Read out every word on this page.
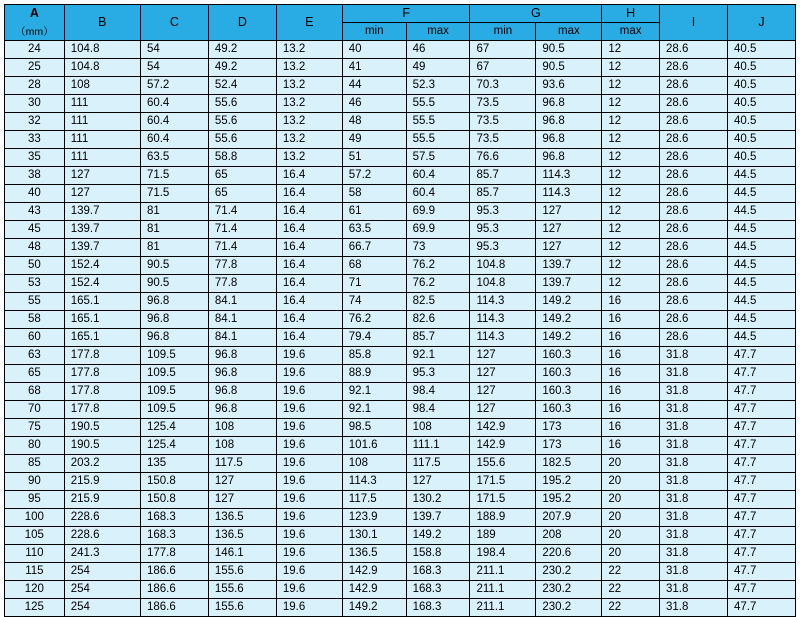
A
（mm）	B	C	D	E	F		G		H	I	J
					min	max	min	max	max		
24	104.8	54	49.2	13.2	40	46	67	90.5	12	28.6	40.5
25	104.8	54	49.2	13.2	41	49	67	90.5	12	28.6	40.5
28	108	57.2	52.4	13.2	44	52.3	70.3	93.6	12	28.6	40.5
30	111	60.4	55.6	13.2	46	55.5	73.5	96.8	12	28.6	40.5
32	111	60.4	55.6	13.2	48	55.5	73.5	96.8	12	28.6	40.5
33	111	60.4	55.6	13.2	49	55.5	73.5	96.8	12	28.6	40.5
35	111	63.5	58.8	13.2	51	57.5	76.6	96.8	12	28.6	40.5
38	127	71.5	65	16.4	57.2	60.4	85.7	114.3	12	28.6	44.5
40	127	71.5	65	16.4	58	60.4	85.7	114.3	12	28.6	44.5
43	139.7	81	71.4	16.4	61	69.9	95.3	127	12	28.6	44.5
45	139.7	81	71.4	16.4	63.5	69.9	95.3	127	12	28.6	44.5
48	139.7	81	71.4	16.4	66.7	73	95.3	127	12	28.6	44.5
50	152.4	90.5	77.8	16.4	68	76.2	104.8	139.7	12	28.6	44.5
53	152.4	90.5	77.8	16.4	71	76.2	104.8	139.7	12	28.6	44.5
55	165.1	96.8	84.1	16.4	74	82.5	114.3	149.2	16	28.6	44.5
58	165.1	96.8	84.1	16.4	76.2	82.6	114.3	149.2	16	28.6	44.5
60	165.1	96.8	84.1	16.4	79.4	85.7	114.3	149.2	16	28.6	44.5
63	177.8	109.5	96.8	19.6	85.8	92.1	127	160.3	16	31.8	47.7
65	177.8	109.5	96.8	19.6	88.9	95.3	127	160.3	16	31.8	47.7
68	177.8	109.5	96.8	19.6	92.1	98.4	127	160.3	16	31.8	47.7
70	177.8	109.5	96.8	19.6	92.1	98.4	127	160.3	16	31.8	47.7
75	190.5	125.4	108	19.6	98.5	108	142.9	173	16	31.8	47.7
80	190.5	125.4	108	19.6	101.6	111.1	142.9	173	16	31.8	47.7
85	203.2	135	117.5	19.6	108	117.5	155.6	182.5	20	31.8	47.7
90	215.9	150.8	127	19.6	114.3	127	171.5	195.2	20	31.8	47.7
95	215.9	150.8	127	19.6	117.5	130.2	171.5	195.2	20	31.8	47.7
100	228.6	168.3	136.5	19.6	123.9	139.7	188.9	207.9	20	31.8	47.7
105	228.6	168.3	136.5	19.6	130.1	149.2	189	208	20	31.8	47.7
110	241.3	177.8	146.1	19.6	136.5	158.8	198.4	220.6	20	31.8	47.7
115	254	186.6	155.6	19.6	142.9	168.3	211.1	230.2	22	31.8	47.7
120	254	186.6	155.6	19.6	142.9	168.3	211.1	230.2	22	31.8	47.7
125	254	186.6	155.6	19.6	149.2	168.3	211.1	230.2	22	31.8	47.7
